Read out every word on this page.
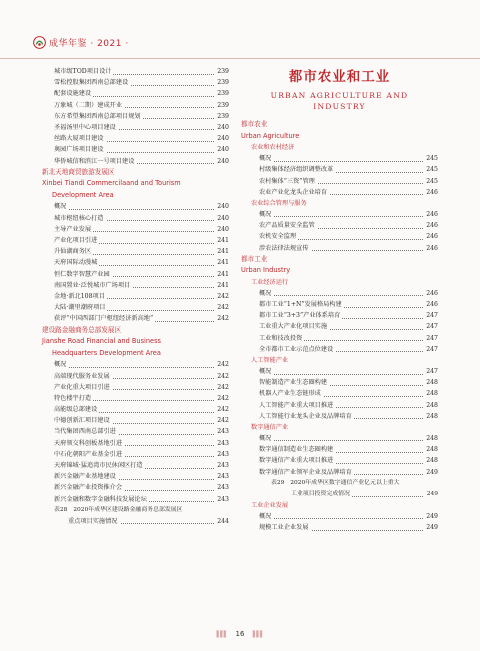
成华年鉴 · 2021 ·
城市级TOD项目设计	239
雪松控股集团西南总部建设	239
配套设施建设	239
万象城（二期）建成开业	239
东方希望集团西南总部项目规划	239
圣福汤里中心项目建设	240
丝路大厦项目建设	240
奥园广场项目建设	240
华侨城信和滨江一号项目建设	240
新北天地商贸旅游发展区
Xinbei Tiandi Commercilaand and Tourism
Development Area
概况	240
城市枢纽核心打造	240
主导产业发展	240
产业化项目引进	241
升仙湖商务区	241
天府国际动漫城	241
恒仁数字智慧产业园	241
南国置业·泛悦城市广场项目	241
金地·新北108项目	242
大陆·潮里潮府项目	242
获评“中国西部门户枢纽经济新高地”	242
建设路金融商务总部发展区
Jianshe Road Financial and Business
Headquarters Development Area
概况	242
高端现代服务业发展	242
产业化重大项目引进	242
特色楼宇打造	242
高能级总部建设	242
中德创新汇项目建设	242
当代集团西南总部引进	243
天府领交科创板基地引进	243
中石化朝阳产业基金引进	243
天府锦城·猛追湾市民休闲区打造	243
新兴金融产业基地建设	243
新兴金融产业投资推介会	243
新兴金融和数字金融科技发展论坛	243
表28　2020年成华区建设路金融商务总部发展区
重点项目实施情况	244
都市农业和工业
URBAN AGRICULTURE AND
INDUSTRY
都市农业
Urban Agriculture
农业和农村经济
概况	245
村级集体经济组织调整改革	245
农村集体“三资”管理	245
农业产业化龙头企业培育	246
农业综合管理与服务
概况	246
农产品质量安全监管	246
农机安全监理	246
涉农法律法规宣传	246
都市工业
Urban Industry
工业经济运行
概况	246
都市工业“1+N”发展格局构建	246
都市工业“3+3”产业体系培育	247
工业重大产业化项目实施	247
工业和技改投资	247
全市都市工业示范点位建设	247
人工智能产业
概况	247
智能制造产业生态圈构建	248
机器人产业生态链形成	248
人工智能产业重大项目推进	248
人工智能行业龙头企业及品牌培育	248
数字通信产业
概况	248
数字通信制造业生态圈构建	248
数字通信产业重大项目推进	248
数字通信产业领军企业及品牌培育	249
表29　2020年成华区数字通信产业亿元以上重大
工业项目投资完成情况	249
工业企业发展
概况	249
规模工业企业发展	249
▌▌▌ 16 ▌▌▌
